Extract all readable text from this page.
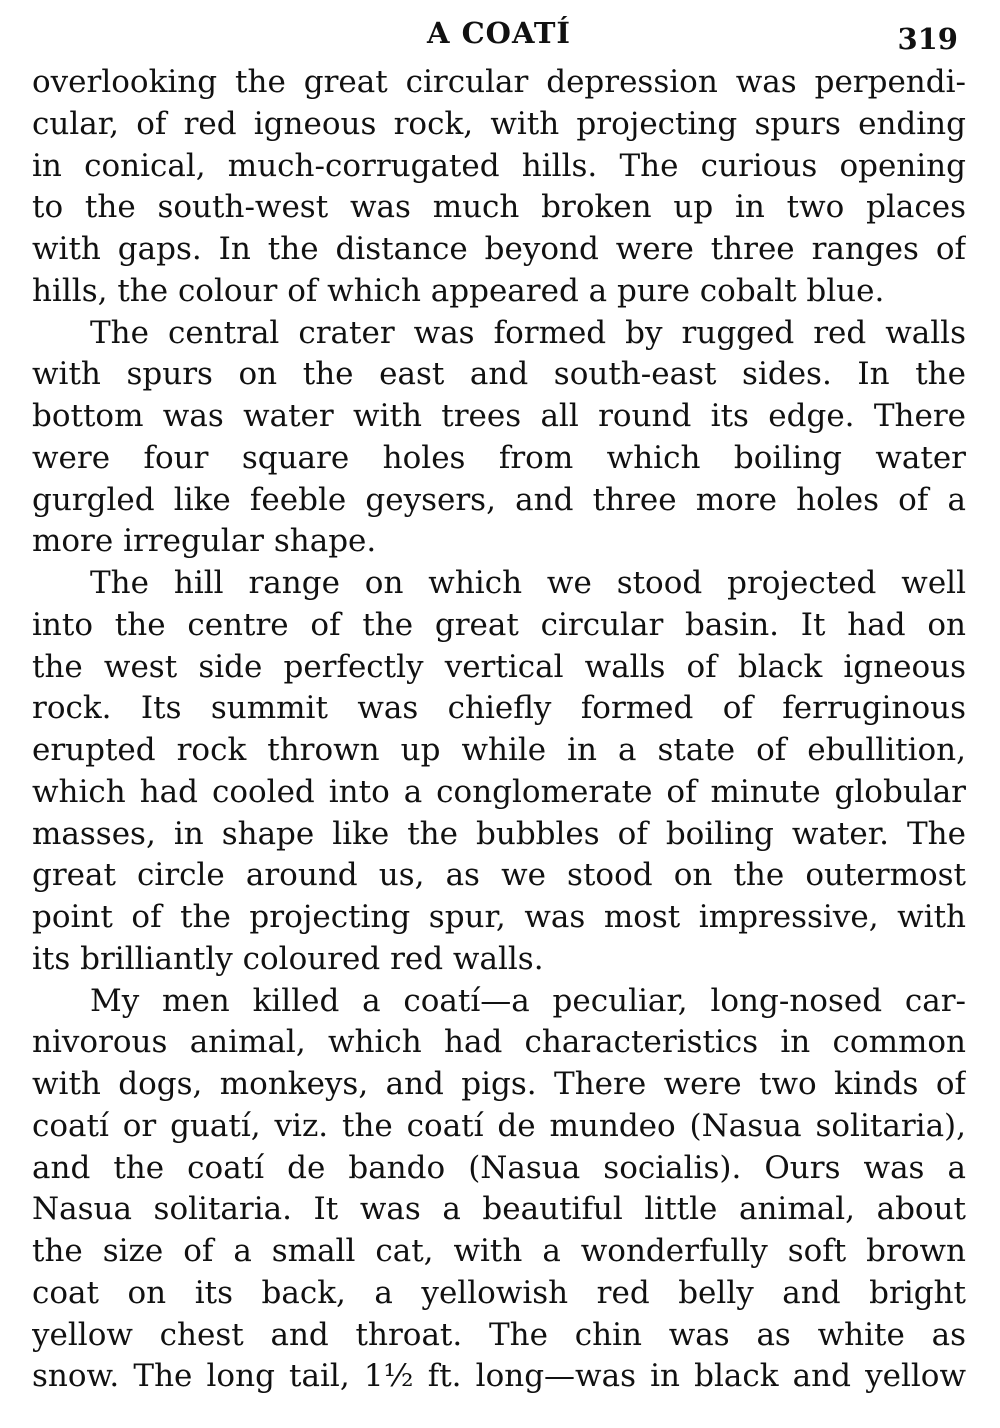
A COATÍ	319
overlooking the great circular depression was perpendi-
cular, of red igneous rock, with projecting spurs ending
in conical, much-corrugated hills. The curious opening
to the south-west was much broken up in two places
with gaps. In the distance beyond were three ranges of
hills, the colour of which appeared a pure cobalt blue.
The central crater was formed by rugged red walls
with spurs on the east and south-east sides. In the
bottom was water with trees all round its edge. There
were four square holes from which boiling water
gurgled like feeble geysers, and three more holes of a
more irregular shape.
The hill range on which we stood projected well
into the centre of the great circular basin. It had on
the west side perfectly vertical walls of black igneous
rock. Its summit was chiefly formed of ferruginous
erupted rock thrown up while in a state of ebullition,
which had cooled into a conglomerate of minute globular
masses, in shape like the bubbles of boiling water. The
great circle around us, as we stood on the outermost
point of the projecting spur, was most impressive, with
its brilliantly coloured red walls.
My men killed a coatí—a peculiar, long-nosed car-
nivorous animal, which had characteristics in common
with dogs, monkeys, and pigs. There were two kinds of
coatí or guatí, viz. the coatí de mundeo (Nasua solitaria),
and the coatí de bando (Nasua socialis). Ours was a
Nasua solitaria. It was a beautiful little animal, about
the size of a small cat, with a wonderfully soft brown
coat on its back, a yellowish red belly and bright
yellow chest and throat. The chin was as white as
snow. The long tail, 1½ ft. long—was in black and yellow
